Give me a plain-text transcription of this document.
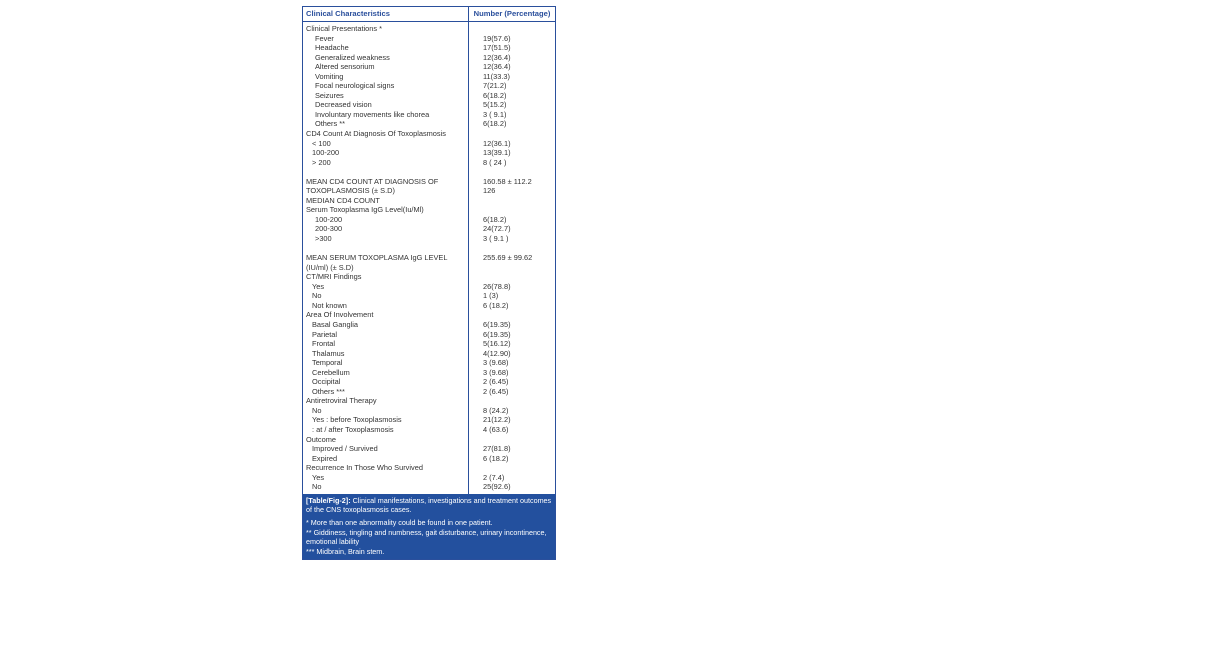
Clinical Characteristics	Number (Percentage)
Clinical Presentations *
Fever	19(57.6)
Headache	17(51.5)
Generalized weakness	12(36.4)
Altered sensorium	12(36.4)
Vomiting	11(33.3)
Focal neurological signs	7(21.2)
Seizures	6(18.2)
Decreased vision	5(15.2)
Involuntary movements like chorea	3 ( 9.1)
Others **	6(18.2)
CD4 Count At Diagnosis Of Toxoplasmosis
< 100	12(36.1)
100-200	13(39.1)
> 200	8 ( 24 )
MEAN CD4 COUNT AT DIAGNOSIS OF	160.58 ± 112.2
TOXOPLASMOSIS (± S.D)	126
MEDIAN CD4 COUNT
Serum Toxoplasma IgG Level(Iu/Ml)
100-200	6(18.2)
200-300	24(72.7)
>300	3 ( 9.1 )
MEAN SERUM TOXOPLASMA IgG LEVEL	255.69 ± 99.62
(IU/ml) (± S.D)
CT/MRI Findings
Yes	26(78.8)
No	1 (3)
Not known	6 (18.2)
Area Of Involvement
Basal Ganglia	6(19.35)
Parietal	6(19.35)
Frontal	5(16.12)
Thalamus	4(12.90)
Temporal	3 (9.68)
Cerebellum	3 (9.68)
Occipital	2 (6.45)
Others ***	2 (6.45)
Antiretroviral Therapy
No	8 (24.2)
Yes : before Toxoplasmosis	21(12.2)
: at / after Toxoplasmosis	4 (63.6)
Outcome
Improved / Survived	27(81.8)
Expired	6 (18.2)
Recurrence In Those Who Survived
Yes	2 (7.4)
No	25(92.6)

[Table/Fig-2]: Clinical manifestations, investigations and treatment outcomes of the CNS toxoplasmosis cases.

* More than one abnormality could be found in one patient.

** Giddiness, tingling and numbness, gait disturbance, urinary incontinence, emotional lability

*** Midbrain, Brain stem.
